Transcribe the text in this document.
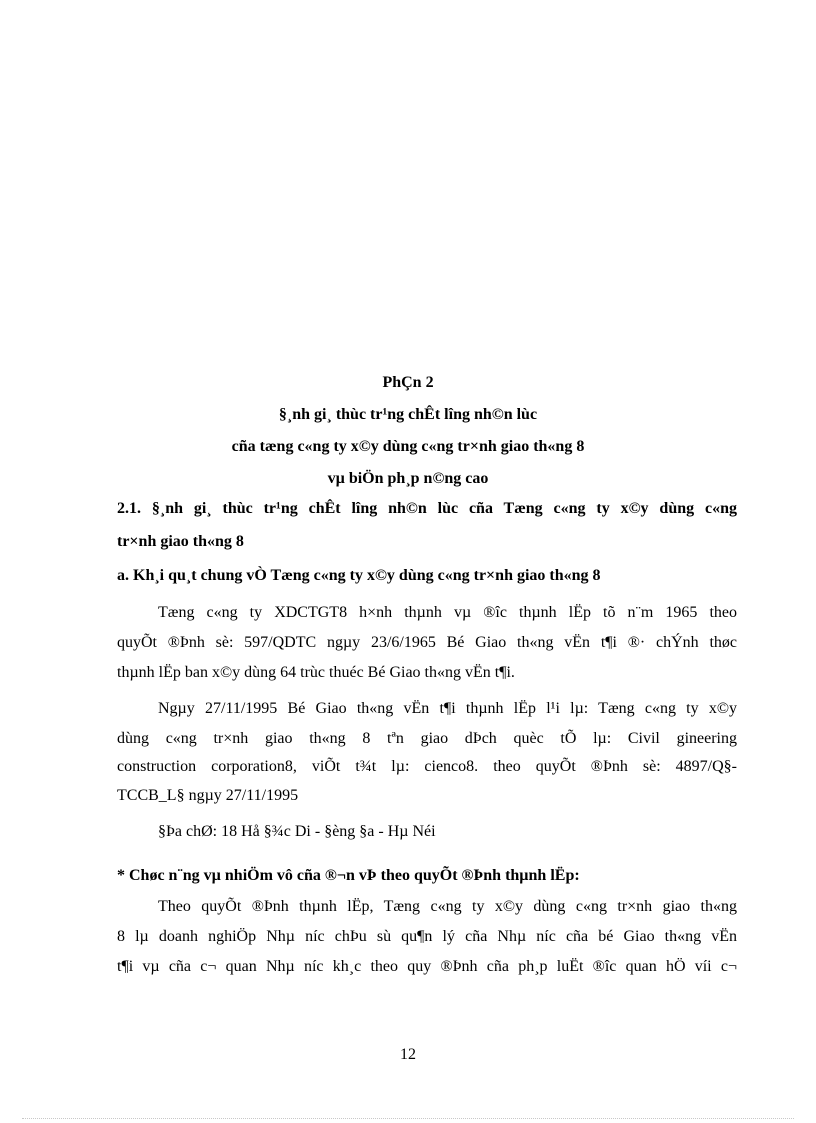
PhÇn 2
§¸nh gi¸ thùc tr¹ng chÊt lîng nh©n lùc
cña tæng c«ng ty x©y dùng c«ng tr×nh giao th«ng 8
vµ biÖn ph¸p n©ng cao
2.1. §¸nh gi¸ thùc tr¹ng chÊt lîng nh©n lùc cña Tæng c«ng ty x©y dùng c«ng
tr×nh giao th«ng 8
a. Kh¸i qu¸t chung vÒ Tæng c«ng ty x©y dùng c«ng tr×nh giao th«ng 8
Tæng c«ng ty XDCTGT8 h×nh thµnh vµ ®îc thµnh lËp tõ n¨m 1965 theo
quyÕt ®Þnh sè: 597/QDTC ngµy 23/6/1965 Bé Giao th«ng vËn t¶i ®· chÝnh thøc
thµnh lËp ban x©y dùng 64 trùc thuéc Bé Giao th«ng vËn t¶i.
Ngµy 27/11/1995 Bé Giao th«ng vËn t¶i thµnh lËp l¹i lµ: Tæng c«ng ty x©y
dùng c«ng tr×nh giao th«ng 8 tªn giao dÞch quèc tÕ lµ: Civil gineering
construction corporation8, viÕt t¾t lµ: cienco8. theo quyÕt ®Þnh sè: 4897/Q§-
TCCB_L§ ngµy 27/11/1995
§Þa chØ: 18 Hå §¾c Di - §èng §a - Hµ Néi
* Chøc n¨ng vµ nhiÖm vô cña ®¬n vÞ theo quyÕt ®Þnh thµnh lËp:
Theo quyÕt ®Þnh thµnh lËp, Tæng c«ng ty x©y dùng c«ng tr×nh giao th«ng
8 lµ doanh nghiÖp Nhµ níc chÞu sù qu¶n lý cña Nhµ níc cña bé Giao th«ng vËn
t¶i vµ cña c¬ quan Nhµ níc kh¸c theo quy ®Þnh cña ph¸p luËt ®îc quan hÖ víi c¬
12
